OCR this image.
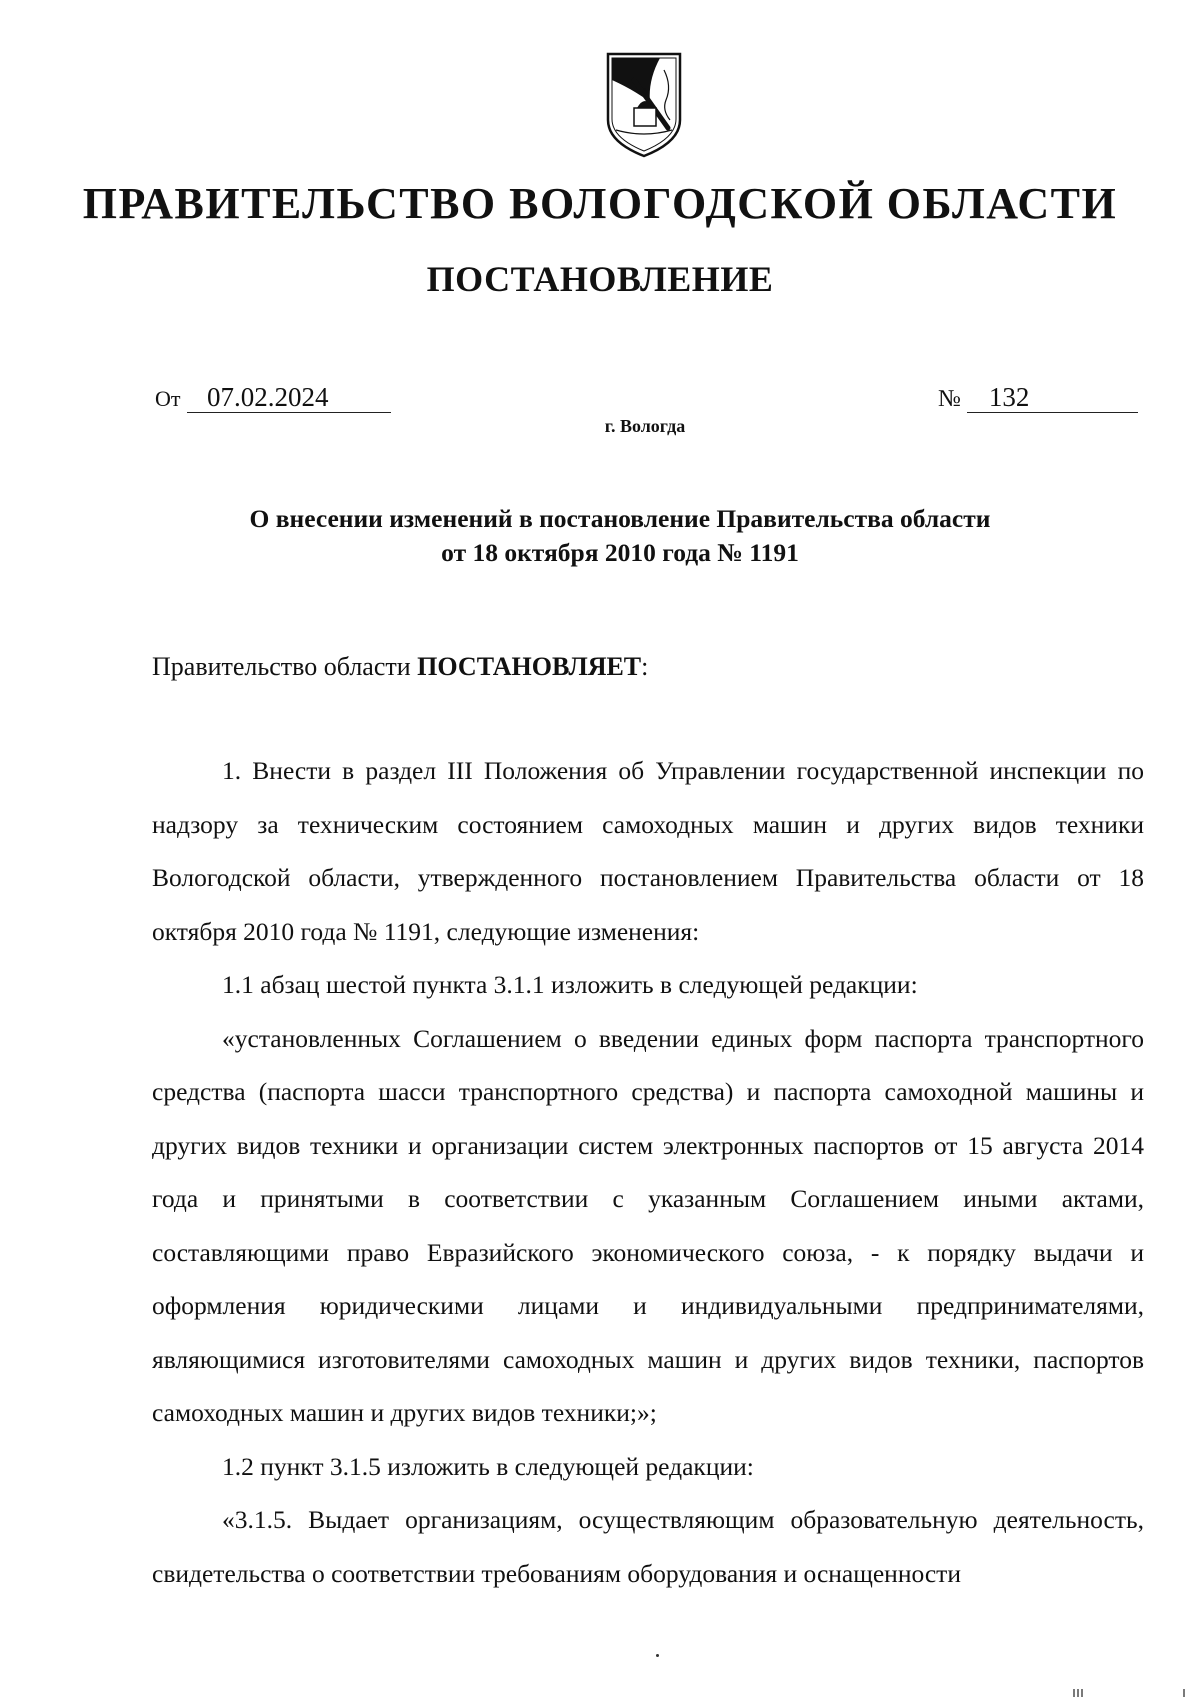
ПРАВИТЕЛЬСТВО ВОЛОГОДСКОЙ ОБЛАСТИ
ПОСТАНОВЛЕНИЕ
От 07.02.2024	№ 132
г. Вологда
О внесении изменений в постановление Правительства области
от 18 октября 2010 года № 1191
Правительство области ПОСТАНОВЛЯЕТ:

1. Внести в раздел III Положения об Управлении государственной инспекции по надзору за техническим состоянием самоходных машин и других видов техники Вологодской области, утвержденного постановлением Правительства области от 18 октября 2010 года № 1191, следующие изменения:

1.1 абзац шестой пункта 3.1.1 изложить в следующей редакции:

«установленных Соглашением о введении единых форм паспорта транспортного средства (паспорта шасси транспортного средства) и паспорта самоходной машины и других видов техники и организации систем электронных паспортов от 15 августа 2014 года и принятыми в соответствии с указанным Соглашением иными актами, составляющими право Евразийского экономического союза, - к порядку выдачи и оформления юридическими лицами и индивидуальными предпринимателями, являющимися изготовителями самоходных машин и других видов техники, паспортов самоходных машин и других видов техники;»;

1.2 пункт 3.1.5 изложить в следующей редакции:

«3.1.5. Выдает организациям, осуществляющим образовательную деятельность, свидетельства о соответствии требованиям оборудования и оснащенности
